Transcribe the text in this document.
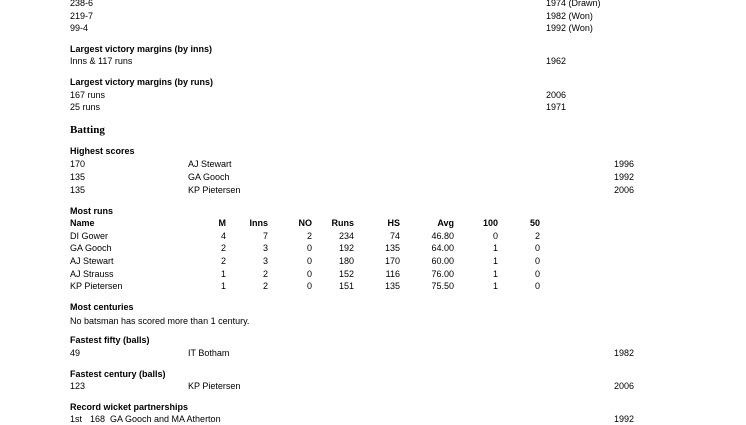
238-6	1974 (Drawn)
219-7	1982 (Won)
99-4	1992 (Won)
Largest victory margins (by inns)
Inns & 117 runs	1962
Largest victory margins (by runs)
167 runs	2006
25 runs	1971
Batting
Highest scores
170	AJ Stewart	1996
135	GA Gooch	1992
135	KP Pietersen	2006
Most runs
Name	M	Inns	NO	Runs	HS	Avg	100	50
DI Gower	4	7	2	234	74	46.80	0	2
GA Gooch	2	3	0	192	135	64.00	1	0
AJ Stewart	2	3	0	180	170	60.00	1	0
AJ Strauss	1	2	0	152	116	76.00	1	0
KP Pietersen	1	2	0	151	135	75.50	1	0
Most centuries
No batsman has scored more than 1 century.
Fastest fifty (balls)
49	IT Botham	1982
Fastest century (balls)
123	KP Pietersen	2006
Record wicket partnerships
1st 168 GA Gooch and MA Atherton	1992
